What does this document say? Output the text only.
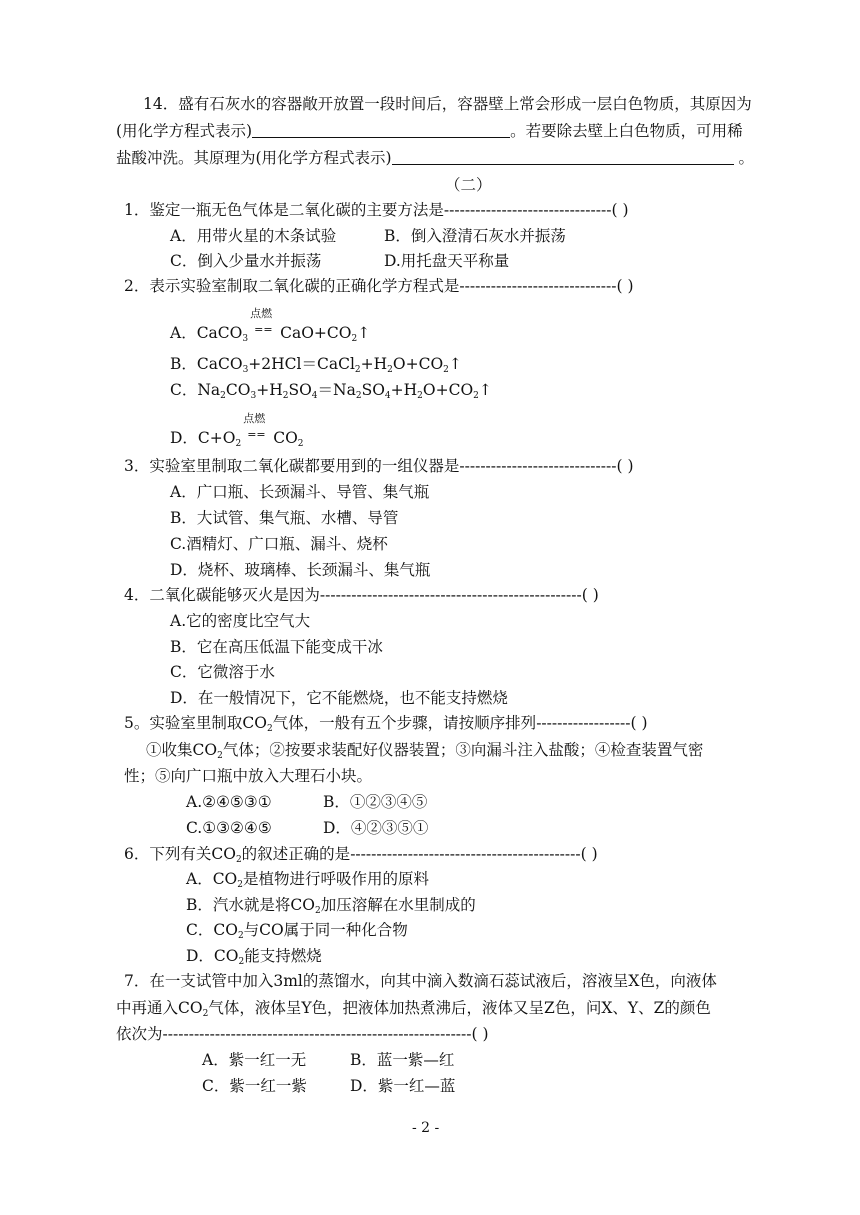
14．盛有石灰水的容器敞开放置一段时间后，容器壁上常会形成一层白色物质，其原因为
(用化学方程式表示)	。若要除去壁上白色物质，可用稀
盐酸冲洗。其原理为(用化学方程式表示)	。
（二）
1．鉴定一瓶无色气体是二氧化碳的主要方法是--------------------------------( )
A．用带火星的木条试验	B．倒入澄清石灰水并振荡
C．倒入少量水并振荡	D.用托盘天平称量
2．表示实验室制取二氧化碳的正确化学方程式是------------------------------( )
A．CaCO$_3$
点燃
== $CaO+CO_2↑$
B．$CaCO_3+2HCl=CaCl_2+H_2O+CO_2↑$
C．$Na_2CO_3+H_2SO_4=Na_2SO_4+H_2O+CO_2↑$
D．$C+O_2$
点燃
== $CO_2$
3．实验室里制取二氧化碳都要用到的一组仪器是------------------------------( )
A．广口瓶、长颈漏斗、导管、集气瓶
B．大试管、集气瓶、水槽、导管
C.酒精灯、广口瓶、漏斗、烧杯
D．烧杯、玻璃棒、长颈漏斗、集气瓶
4．二氧化碳能够灭火是因为--------------------------------------------------( )
A.它的密度比空气大
B．它在高压低温下能变成干冰
C．它微溶于水
D．在一般情况下，它不能燃烧，也不能支持燃烧
5。实验室里制取$CO_2$气体，一般有五个步骤，请按顺序排列------------------( )
①收集$CO_2$气体；②按要求装配好仪器装置；③向漏斗注入盐酸；④检查装置气密
性；⑤向广口瓶中放入大理石小块。
A.②④⑤③①	B．①②③④⑤
C.①③②④⑤	D．④②③⑤①
6．下列有关$CO_2$的叙述正确的是--------------------------------------------( )
A．$CO_2$是植物进行呼吸作用的原料
B．汽水就是将$CO_2$加压溶解在水里制成的
C．$CO_2$与CO属于同一种化合物
D．$CO_2$能支持燃烧
7．在一支试管中加入3ml的蒸馏水，向其中滴入数滴石蕊试液后，溶液呈X色，向液体
中再通入$CO_2$气体，液体呈Y色，把液体加热煮沸后，液体又呈Z色，问X、Y、Z的颜色
依次为-----------------------------------------------------------( )
A．紫一红一无	B．蓝一紫—红
C．紫一红一紫	D．紫一红—蓝
- 2 -
